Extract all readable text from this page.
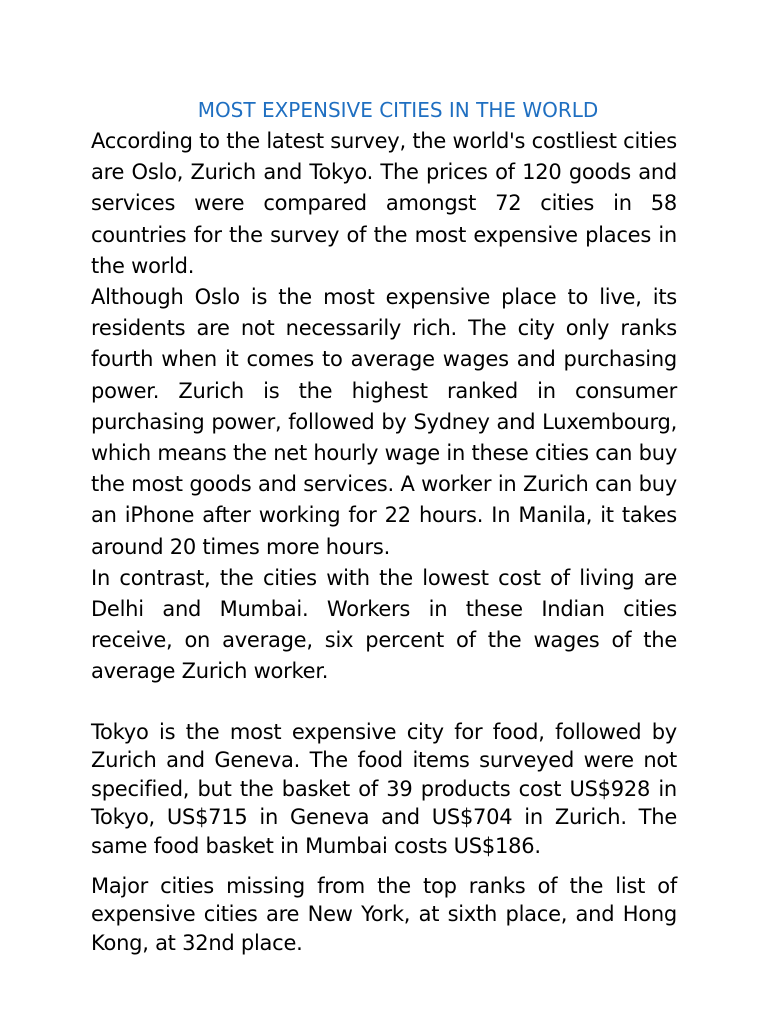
MOST EXPENSIVE CITIES IN THE WORLD

According to the latest survey, the world's costliest cities are Oslo, Zurich and Tokyo. The prices of 120 goods and services were compared amongst 72 cities in 58 countries for the survey of the most expensive places in the world.

Although Oslo is the most expensive place to live, its residents are not necessarily rich. The city only ranks fourth when it comes to average wages and purchasing power. Zurich is the highest ranked in consumer purchasing power, followed by Sydney and Luxembourg, which means the net hourly wage in these cities can buy the most goods and services. A worker in Zurich can buy an iPhone after working for 22 hours. In Manila, it takes around 20 times more hours.

In contrast, the cities with the lowest cost of living are Delhi and Mumbai. Workers in these Indian cities receive, on average, six percent of the wages of the average Zurich worker.

Tokyo is the most expensive city for food, followed by Zurich and Geneva. The food items surveyed were not specified, but the basket of 39 products cost US$928 in Tokyo, US$715 in Geneva and US$704 in Zurich. The same food basket in Mumbai costs US$186.

Major cities missing from the top ranks of the list of expensive cities are New York, at sixth place, and Hong Kong, at 32nd place.
